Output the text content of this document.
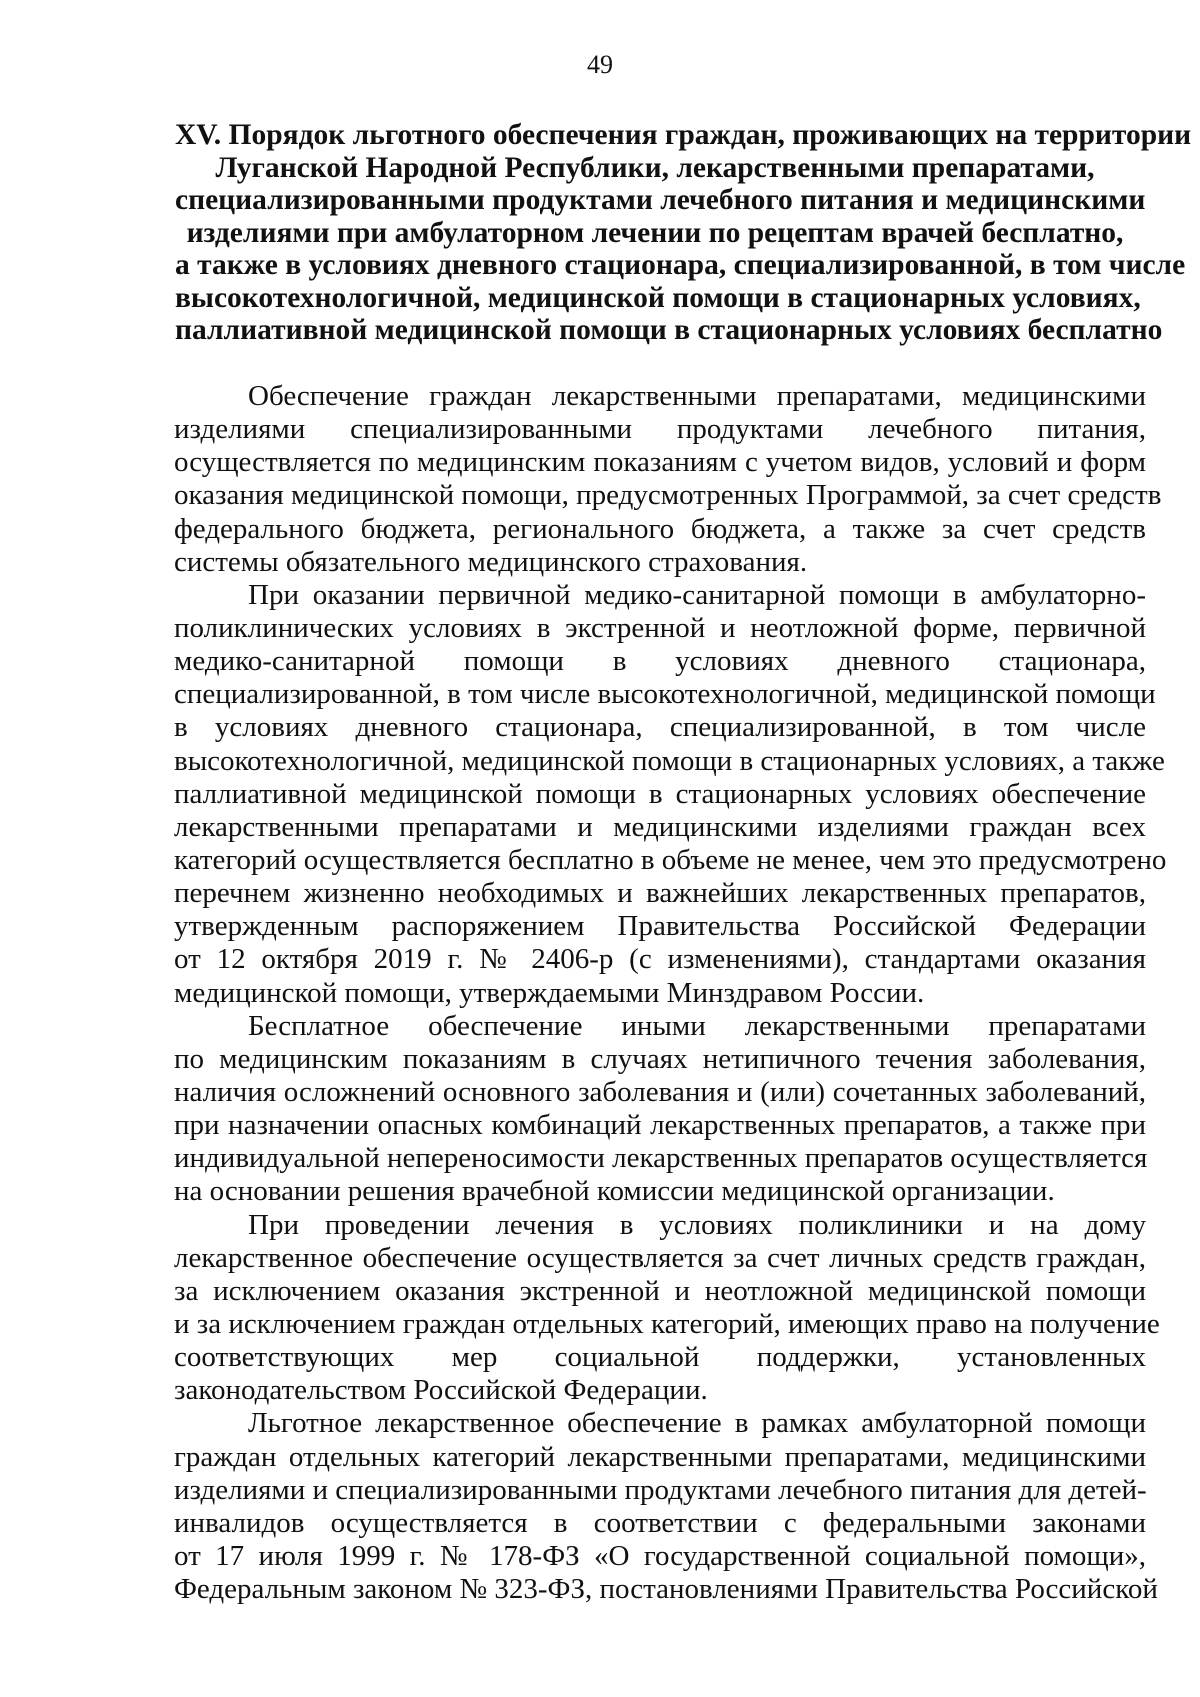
49
XV. Порядок льготного обеспечения граждан, проживающих на территории
Луганской Народной Республики, лекарственными препаратами,
специализированными продуктами лечебного питания и медицинскими
изделиями при амбулаторном лечении по рецептам врачей бесплатно,
а также в условиях дневного стационара, специализированной, в том числе
высокотехнологичной, медицинской помощи в стационарных условиях,
паллиативной медицинской помощи в стационарных условиях бесплатно
Обеспечение граждан лекарственными препаратами, медицинскими
изделиями специализированными продуктами лечебного питания,
осуществляется по медицинским показаниям с учетом видов, условий и форм
оказания медицинской помощи, предусмотренных Программой, за счет средств
федерального бюджета, регионального бюджета, а также за счет средств
системы обязательного медицинского страхования.
При оказании первичной медико-санитарной помощи в амбулаторно-
поликлинических условиях в экстренной и неотложной форме, первичной
медико-санитарной помощи в условиях дневного стационара,
специализированной, в том числе высокотехнологичной, медицинской помощи
в условиях дневного стационара, специализированной, в том числе
высокотехнологичной, медицинской помощи в стационарных условиях, а также
паллиативной медицинской помощи в стационарных условиях обеспечение
лекарственными препаратами и медицинскими изделиями граждан всех
категорий осуществляется бесплатно в объеме не менее, чем это предусмотрено
перечнем жизненно необходимых и важнейших лекарственных препаратов,
утвержденным распоряжением Правительства Российской Федерации
от 12 октября 2019 г. № 2406-р (с изменениями), стандартами оказания
медицинской помощи, утверждаемыми Минздравом России.
Бесплатное обеспечение иными лекарственными препаратами
по медицинским показаниям в случаях нетипичного течения заболевания,
наличия осложнений основного заболевания и (или) сочетанных заболеваний,
при назначении опасных комбинаций лекарственных препаратов, а также при
индивидуальной непереносимости лекарственных препаратов осуществляется
на основании решения врачебной комиссии медицинской организации.
При проведении лечения в условиях поликлиники и на дому
лекарственное обеспечение осуществляется за счет личных средств граждан,
за исключением оказания экстренной и неотложной медицинской помощи
и за исключением граждан отдельных категорий, имеющих право на получение
соответствующих мер социальной поддержки, установленных
законодательством Российской Федерации.
Льготное лекарственное обеспечение в рамках амбулаторной помощи
граждан отдельных категорий лекарственными препаратами, медицинскими
изделиями и специализированными продуктами лечебного питания для детей-
инвалидов осуществляется в соответствии с федеральными законами
от 17 июля 1999 г. № 178-ФЗ «О государственной социальной помощи»,
Федеральным законом № 323-ФЗ, постановлениями Правительства Российской
